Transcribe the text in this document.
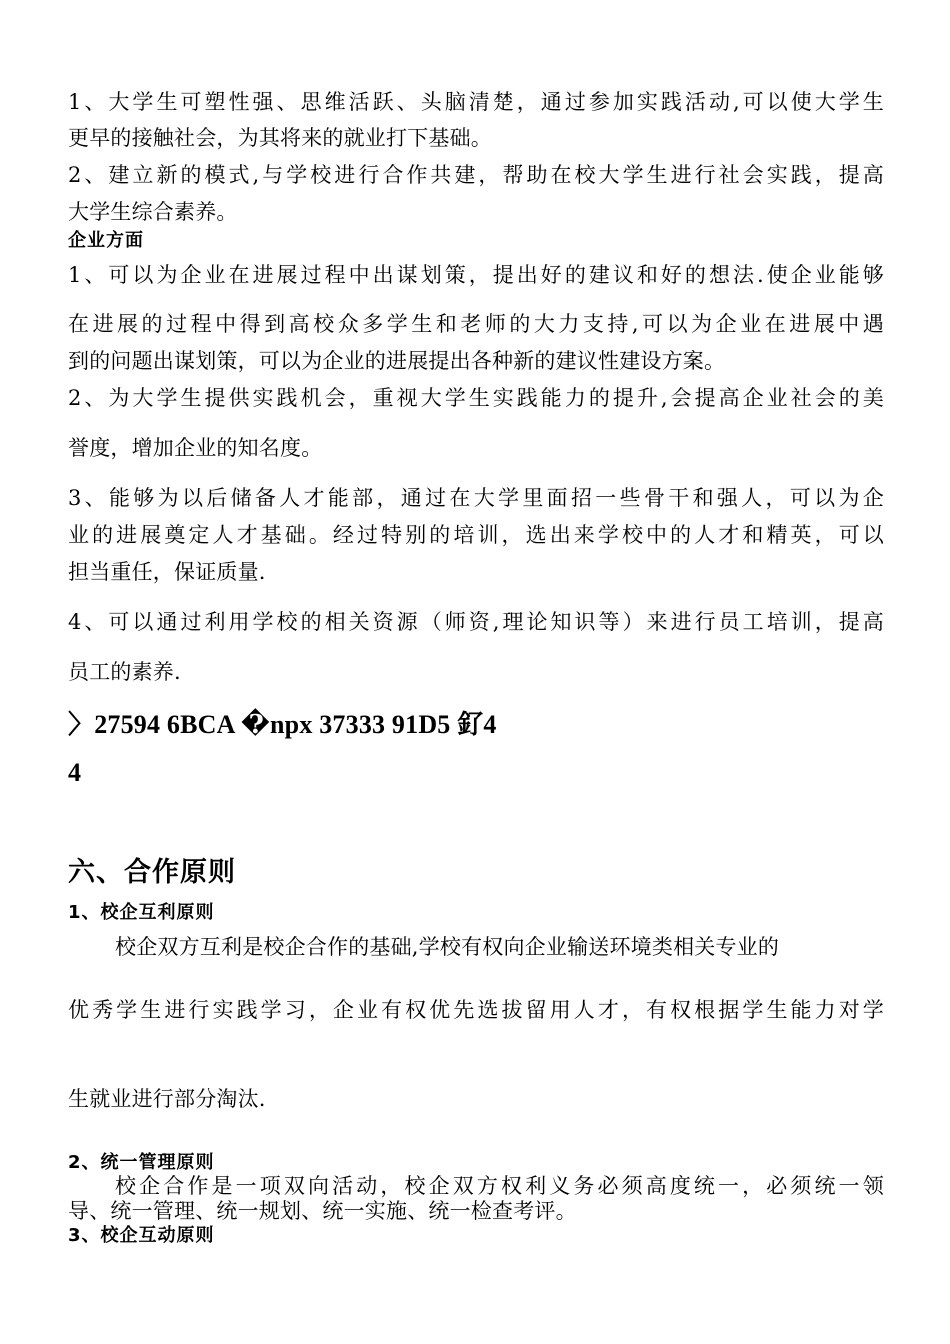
1、大学生可塑性强、思维活跃、头脑清楚，通过参加实践活动,可以使大学生
更早的接触社会，为其将来的就业打下基础。
2、建立新的模式,与学校进行合作共建，帮助在校大学生进行社会实践，提高
大学生综合素养。
企业方面
1、可以为企业在进展过程中出谋划策，提出好的建议和好的想法.使企业能够
在进展的过程中得到高校众多学生和老师的大力支持,可以为企业在进展中遇
到的问题出谋划策，可以为企业的进展提出各种新的建议性建设方案。
2、为大学生提供实践机会，重视大学生实践能力的提升,会提高企业社会的美
誉度，增加企业的知名度。
3、能够为以后储备人才能部，通过在大学里面招一些骨干和强人，可以为企
业的进展奠定人才基础。经过特别的培训，选出来学校中的人才和精英，可以
担当重任，保证质量.
4、可以通过利用学校的相关资源（师资,理论知识等）来进行员工培训，提高
员工的素养.
〉27594 6BCA �npx 37333 91D5 釕4
4
六、合作原则
1、校企互利原则
校企双方互利是校企合作的基础,学校有权向企业输送环境类相关专业的
优秀学生进行实践学习，企业有权优先选拔留用人才，有权根据学生能力对学
生就业进行部分淘汰.
2、统一管理原则
校企合作是一项双向活动，校企双方权利义务必须高度统一，必须统一领
导、统一管理、统一规划、统一实施、统一检查考评。
3、校企互动原则
